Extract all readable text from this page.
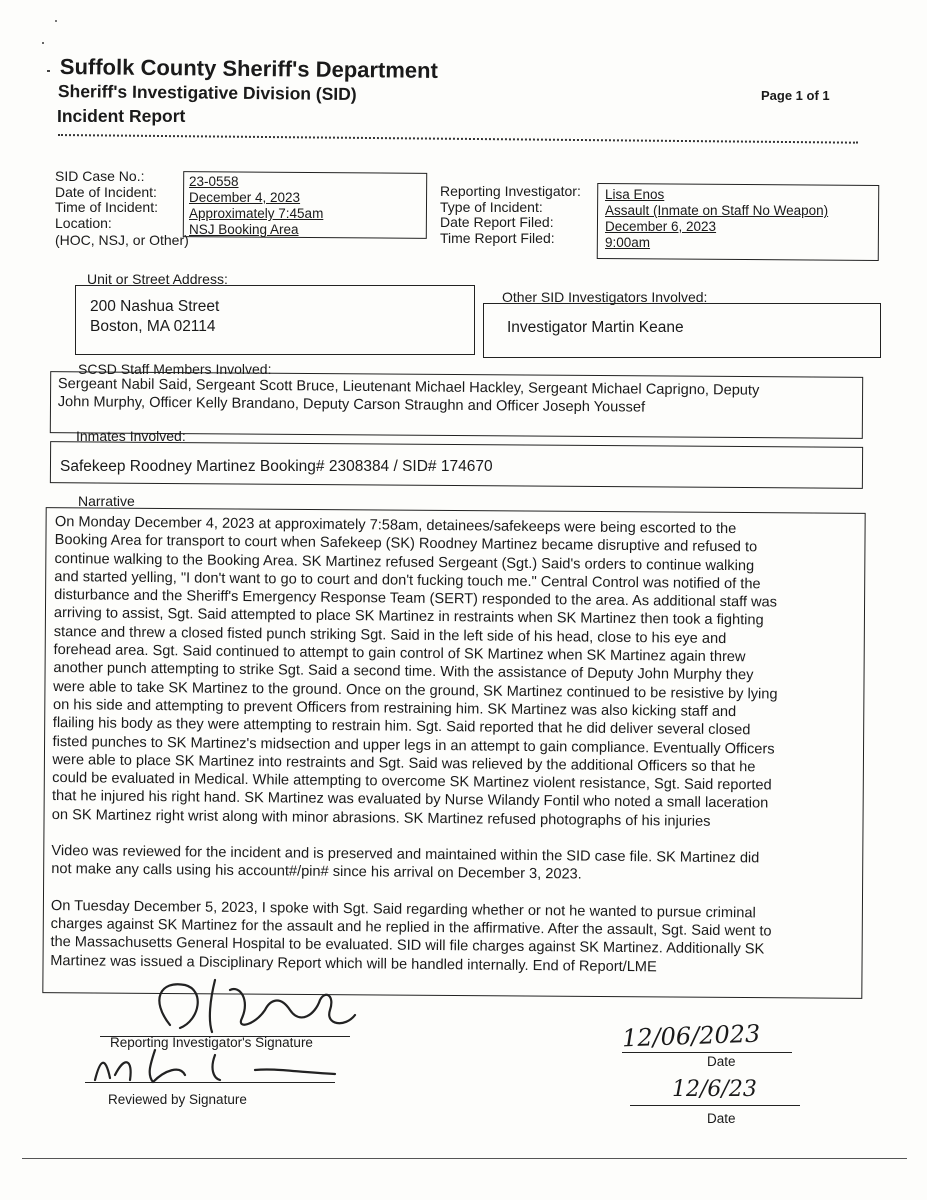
Suffolk County Sheriff's Department
Sheriff's Investigative Division (SID)
Incident Report
Page 1 of 1
SID Case No.:
Date of Incident:
Time of Incident:
Location:
(HOC, NSJ, or Other)
23-0558
December 4, 2023
Approximately 7:45am
NSJ Booking Area
Reporting Investigator:
Type of Incident:
Date Report Filed:
Time Report Filed:
Lisa Enos
Assault (Inmate on Staff No Weapon)
December 6, 2023
9:00am
Unit or Street Address:
200 Nashua Street
Boston, MA 02114
Other SID Investigators Involved:
Investigator Martin Keane
SCSD Staff Members Involved:
Sergeant Nabil Said, Sergeant Scott Bruce, Lieutenant Michael Hackley, Sergeant Michael Caprigno, Deputy
John Murphy, Officer Kelly Brandano, Deputy Carson Straughn and Officer Joseph Youssef
Inmates Involved:
Safekeep Roodney Martinez Booking# 2308384 / SID# 174670
Narrative

On Monday December 4, 2023 at approximately 7:58am, detainees/safekeeps were being escorted to the

Booking Area for transport to court when Safekeep (SK) Roodney Martinez became disruptive and refused to

continue walking to the Booking Area. SK Martinez refused Sergeant (Sgt.) Said's orders to continue walking

and started yelling, "I don't want to go to court and don't fucking touch me." Central Control was notified of the

disturbance and the Sheriff's Emergency Response Team (SERT) responded to the area. As additional staff was

arriving to assist, Sgt. Said attempted to place SK Martinez in restraints when SK Martinez then took a fighting

stance and threw a closed fisted punch striking Sgt. Said in the left side of his head, close to his eye and

forehead area. Sgt. Said continued to attempt to gain control of SK Martinez when SK Martinez again threw

another punch attempting to strike Sgt. Said a second time. With the assistance of Deputy John Murphy they

were able to take SK Martinez to the ground. Once on the ground, SK Martinez continued to be resistive by lying

on his side and attempting to prevent Officers from restraining him. SK Martinez was also kicking staff and

flailing his body as they were attempting to restrain him. Sgt. Said reported that he did deliver several closed

fisted punches to SK Martinez's midsection and upper legs in an attempt to gain compliance. Eventually Officers

were able to place SK Martinez into restraints and Sgt. Said was relieved by the additional Officers so that he

could be evaluated in Medical. While attempting to overcome SK Martinez violent resistance, Sgt. Said reported

that he injured his right hand. SK Martinez was evaluated by Nurse Wilandy Fontil who noted a small laceration

on SK Martinez right wrist along with minor abrasions. SK Martinez refused photographs of his injuries

Video was reviewed for the incident and is preserved and maintained within the SID case file. SK Martinez did

not make any calls using his account#/pin# since his arrival on December 3, 2023.

On Tuesday December 5, 2023, I spoke with Sgt. Said regarding whether or not he wanted to pursue criminal

charges against SK Martinez for the assault and he replied in the affirmative. After the assault, Sgt. Said went to

the Massachusetts General Hospital to be evaluated. SID will file charges against SK Martinez. Additionally SK

Martinez was issued a Disciplinary Report which will be handled internally. End of Report/LME

Reporting Investigator's Signature
Reviewed by Signature
12/06/2023
Date
12/6/23
Date
